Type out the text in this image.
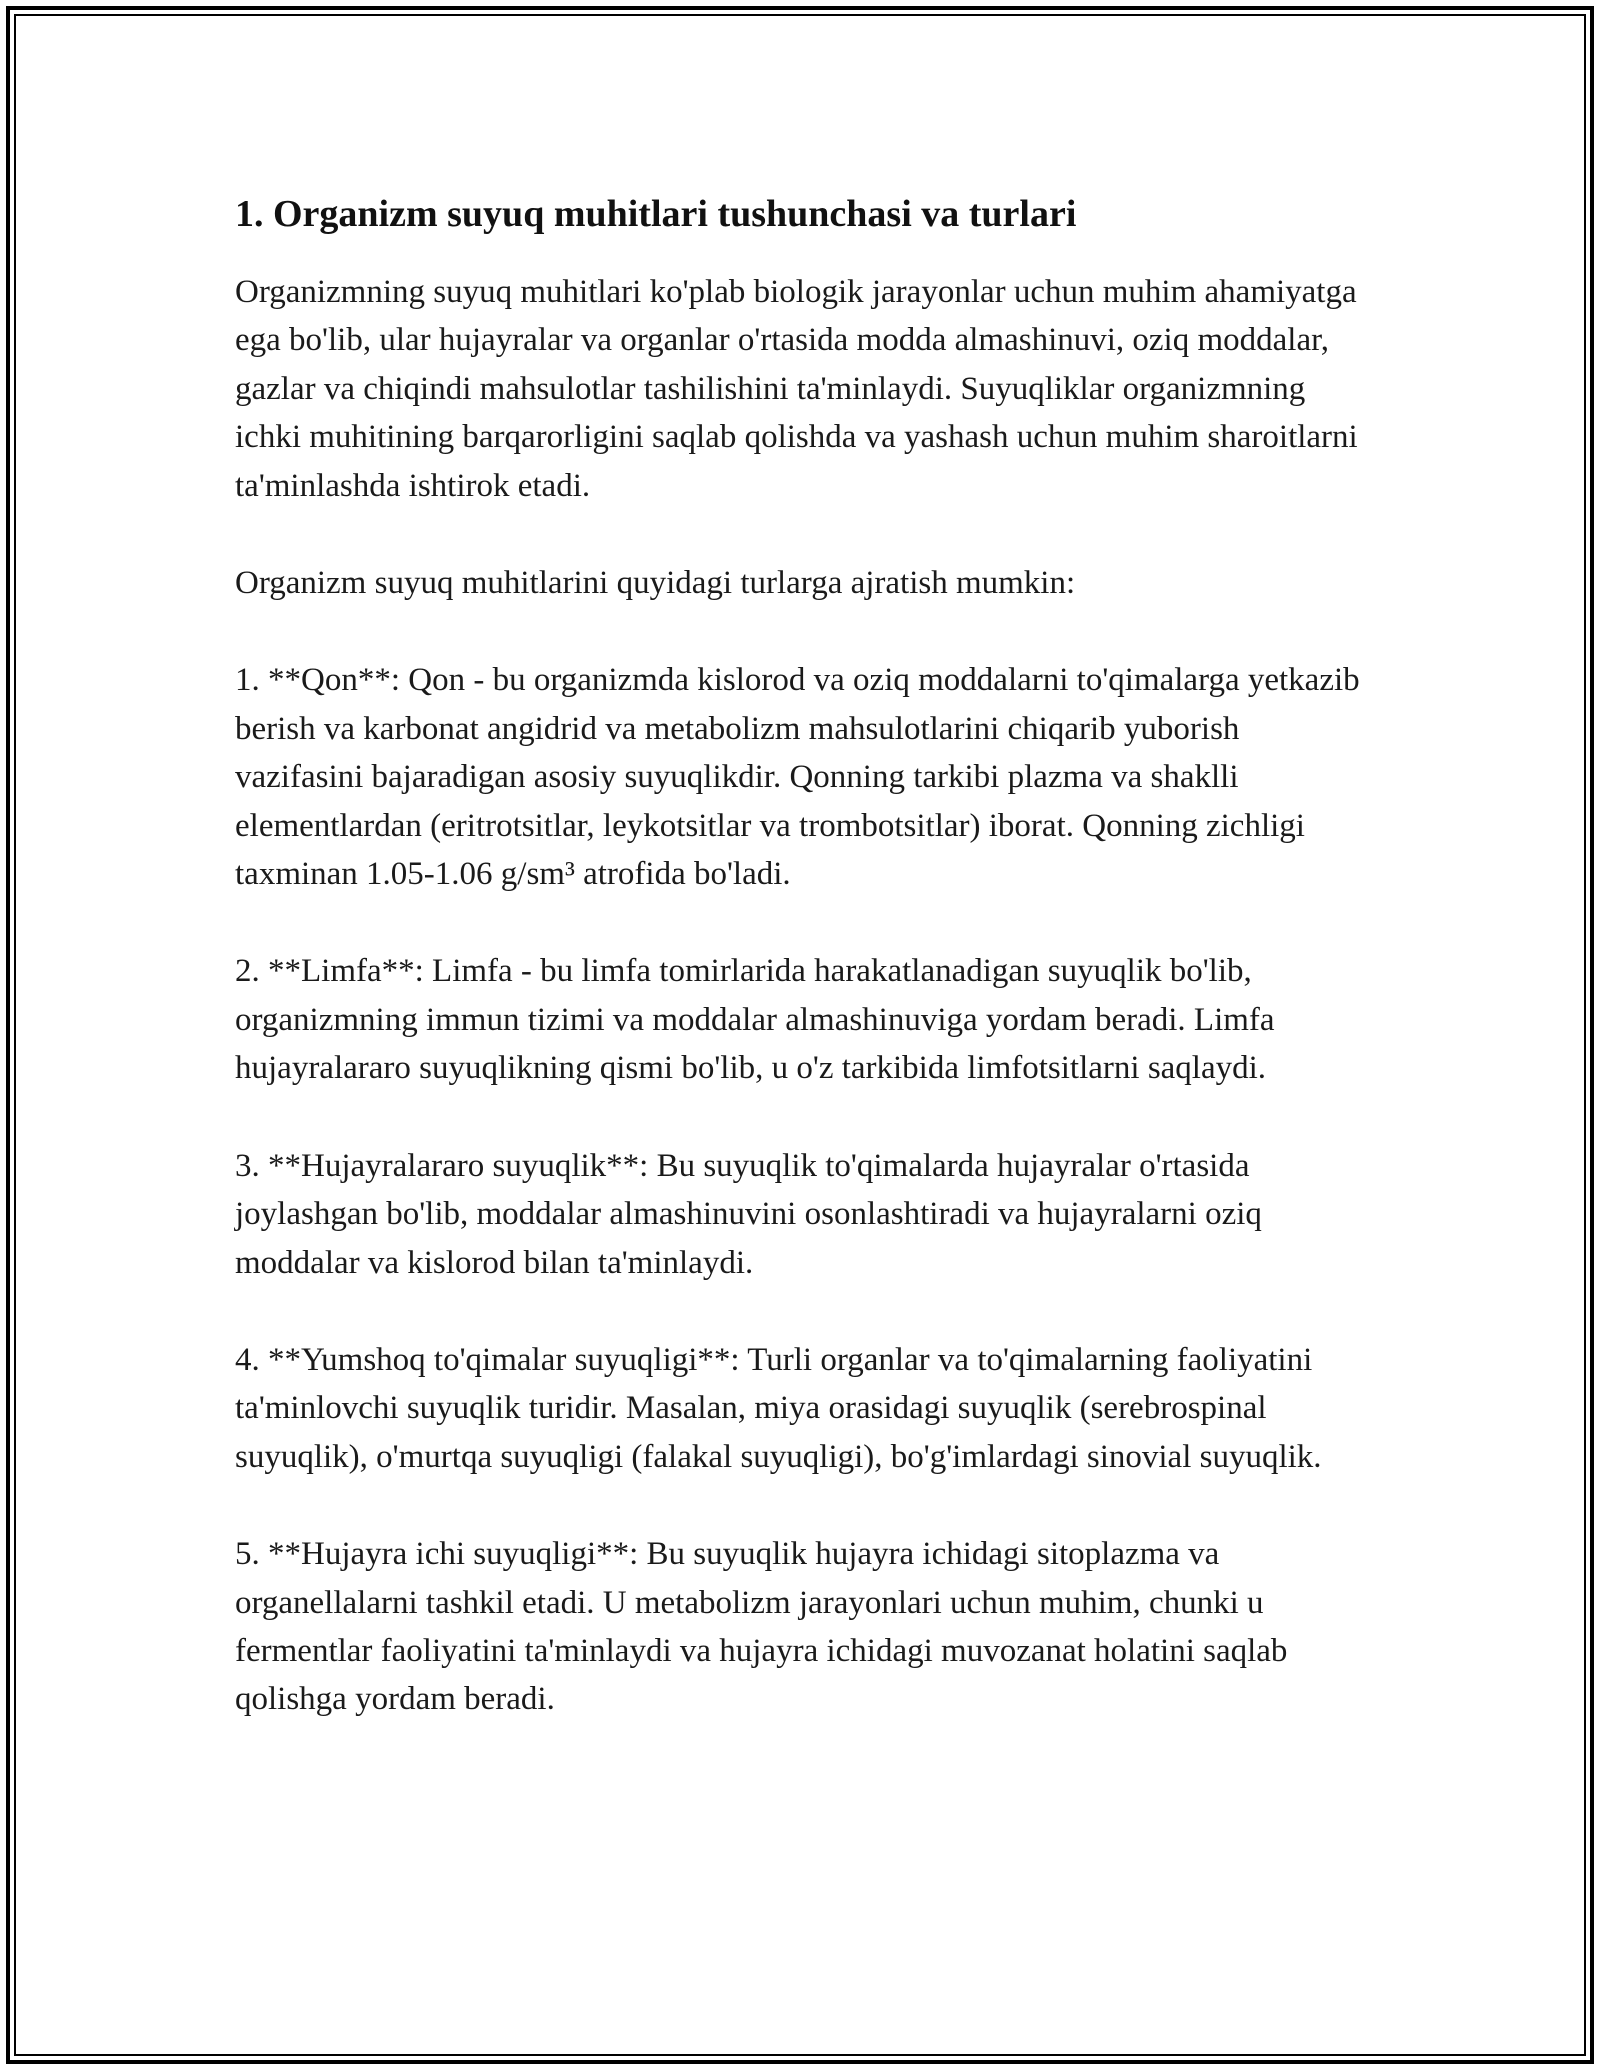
1. Organizm suyuq muhitlari tushunchasi va turlari

Organizmning suyuq muhitlari ko'plab biologik jarayonlar uchun muhim ahamiyatga ega bo'lib, ular hujayralar va organlar o'rtasida modda almashinuvi, oziq moddalar, gazlar va chiqindi mahsulotlar tashilishini ta'minlaydi. Suyuqliklar organizmning ichki muhitining barqarorligini saqlab qolishda va yashash uchun muhim sharoitlarni ta'minlashda ishtirok etadi.

Organizm suyuq muhitlarini quyidagi turlarga ajratish mumkin:

1. **Qon**: Qon - bu organizmda kislorod va oziq moddalarni to'qimalarga yetkazib berish va karbonat angidrid va metabolizm mahsulotlarini chiqarib yuborish vazifasini bajaradigan asosiy suyuqlikdir. Qonning tarkibi plazma va shaklli elementlardan (eritrotsitlar, leykotsitlar va trombotsitlar) iborat. Qonning zichligi taxminan 1.05-1.06 g/sm³ atrofida bo'ladi.

2. **Limfa**: Limfa - bu limfa tomirlarida harakatlanadigan suyuqlik bo'lib, organizmning immun tizimi va moddalar almashinuviga yordam beradi. Limfa hujayralararo suyuqlikning qismi bo'lib, u o'z tarkibida limfotsitlarni saqlaydi.

3. **Hujayralararo suyuqlik**: Bu suyuqlik to'qimalarda hujayralar o'rtasida joylashgan bo'lib, moddalar almashinuvini osonlashtiradi va hujayralarni oziq moddalar va kislorod bilan ta'minlaydi.

4. **Yumshoq to'qimalar suyuqligi**: Turli organlar va to'qimalarning faoliyatini ta'minlovchi suyuqlik turidir. Masalan, miya orasidagi suyuqlik (serebrospinal suyuqlik), o'murtqa suyuqligi (falakal suyuqligi), bo'g'imlardagi sinovial suyuqlik.

5. **Hujayra ichi suyuqligi**: Bu suyuqlik hujayra ichidagi sitoplazma va organellalarni tashkil etadi. U metabolizm jarayonlari uchun muhim, chunki u fermentlar faoliyatini ta'minlaydi va hujayra ichidagi muvozanat holatini saqlab qolishga yordam beradi.
